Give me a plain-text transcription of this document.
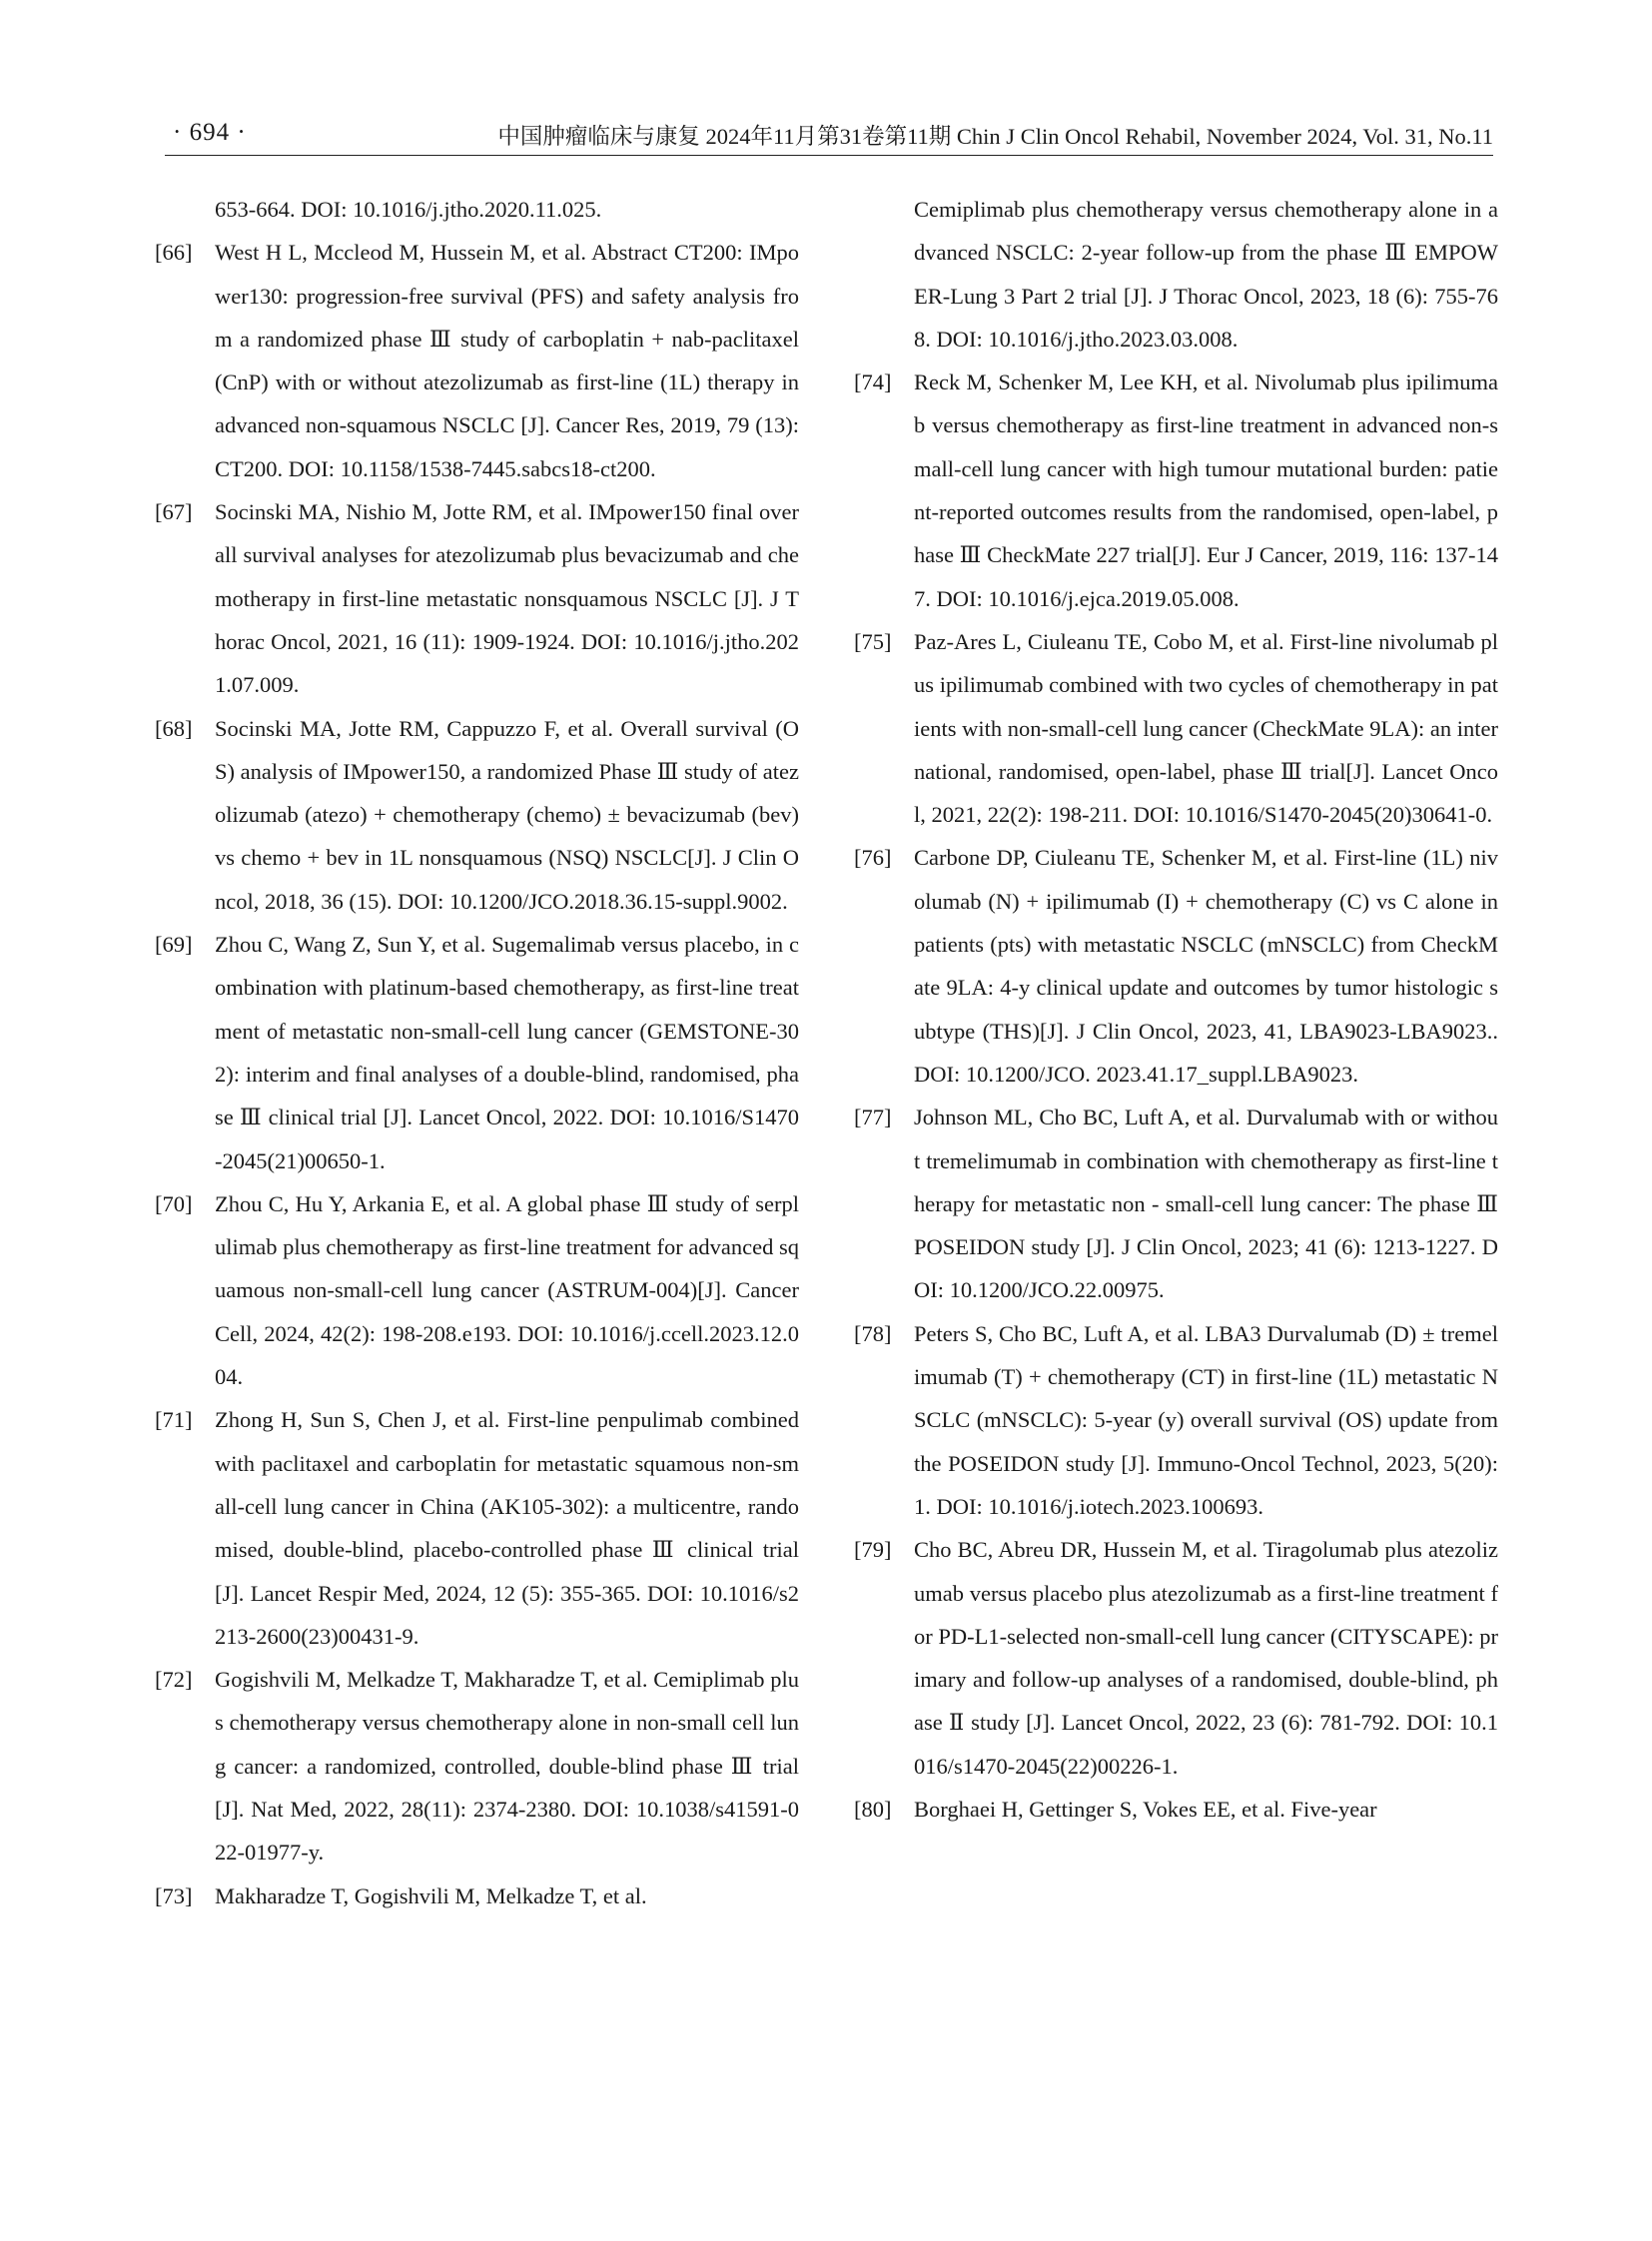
· 694 ·	中国肿瘤临床与康复 2024年11月第31卷第11期 Chin J Clin Oncol Rehabil, November 2024, Vol. 31, No.11
653-664. DOI: 10.1016/j.jtho.2020.11.025.
[66]	West H L, Mccleod M, Hussein M, et al. Abstract CT200: IMpower130: progression-free survival (PFS) and safety analysis from a randomized phase Ⅲ study of carboplatin + nab-paclitaxel (CnP) with or without atezolizumab as first-line (1L) therapy in advanced non-squamous NSCLC [J]. Cancer Res, 2019, 79 (13): CT200. DOI: 10.1158/1538-7445.sabcs18-ct200.
[67]	Socinski MA, Nishio M, Jotte RM, et al. IMpower150 final overall survival analyses for atezolizumab plus bevacizumab and chemotherapy in first-line metastatic nonsquamous NSCLC [J]. J Thorac Oncol, 2021, 16 (11): 1909-1924. DOI: 10.1016/j.jtho.2021.07.009.
[68]	Socinski MA, Jotte RM, Cappuzzo F, et al. Overall survival (OS) analysis of IMpower150, a randomized Phase Ⅲ study of atezolizumab (atezo) + chemotherapy (chemo) ± bevacizumab (bev) vs chemo + bev in 1L nonsquamous (NSQ) NSCLC[J]. J Clin Oncol, 2018, 36 (15). DOI: 10.1200/JCO.2018.36.15-suppl.9002.
[69]	Zhou C, Wang Z, Sun Y, et al. Sugemalimab versus placebo, in combination with platinum-based chemotherapy, as first-line treatment of metastatic non-small-cell lung cancer (GEMSTONE-302): interim and final analyses of a double-blind, randomised, phase Ⅲ clinical trial [J]. Lancet Oncol, 2022. DOI: 10.1016/S1470-2045(21)00650-1.
[70]	Zhou C, Hu Y, Arkania E, et al. A global phase Ⅲ study of serplulimab plus chemotherapy as first-line treatment for advanced squamous non-small-cell lung cancer (ASTRUM-004)[J]. Cancer Cell, 2024, 42(2): 198-208.e193. DOI: 10.1016/j.ccell.2023.12.004.
[71]	Zhong H, Sun S, Chen J, et al. First-line penpulimab combined with paclitaxel and carboplatin for metastatic squamous non-small-cell lung cancer in China (AK105-302): a multicentre, randomised, double-blind, placebo-controlled phase Ⅲ clinical trial [J]. Lancet Respir Med, 2024, 12 (5): 355-365. DOI: 10.1016/s2213-2600(23)00431-9.
[72]	Gogishvili M, Melkadze T, Makharadze T, et al. Cemiplimab plus chemotherapy versus chemotherapy alone in non-small cell lung cancer: a randomized, controlled, double-blind phase Ⅲ trial [J]. Nat Med, 2022, 28(11): 2374-2380. DOI: 10.1038/s41591-022-01977-y.
[73]	Makharadze T, Gogishvili M, Melkadze T, et al.
Cemiplimab plus chemotherapy versus chemotherapy alone in advanced NSCLC: 2-year follow-up from the phase Ⅲ EMPOWER-Lung 3 Part 2 trial [J]. J Thorac Oncol, 2023, 18 (6): 755-768. DOI: 10.1016/j.jtho.2023.03.008.
[74]	Reck M, Schenker M, Lee KH, et al. Nivolumab plus ipilimumab versus chemotherapy as first-line treatment in advanced non-small-cell lung cancer with high tumour mutational burden: patient-reported outcomes results from the randomised, open-label, phase Ⅲ CheckMate 227 trial[J]. Eur J Cancer, 2019, 116: 137-147. DOI: 10.1016/j.ejca.2019.05.008.
[75]	Paz-Ares L, Ciuleanu TE, Cobo M, et al. First-line nivolumab plus ipilimumab combined with two cycles of chemotherapy in patients with non-small-cell lung cancer (CheckMate 9LA): an international, randomised, open-label, phase Ⅲ trial[J]. Lancet Oncol, 2021, 22(2): 198-211. DOI: 10.1016/S1470-2045(20)30641-0.
[76]	Carbone DP, Ciuleanu TE, Schenker M, et al. First-line (1L) nivolumab (N) + ipilimumab (I) + chemotherapy (C) vs C alone in patients (pts) with metastatic NSCLC (mNSCLC) from CheckMate 9LA: 4-y clinical update and outcomes by tumor histologic subtype (THS)[J]. J Clin Oncol, 2023, 41, LBA9023-LBA9023.. DOI: 10.1200/JCO. 2023.41.17_suppl.LBA9023.
[77]	Johnson ML, Cho BC, Luft A, et al. Durvalumab with or without tremelimumab in combination with chemotherapy as first-line therapy for metastatic non - small-cell lung cancer: The phase Ⅲ POSEIDON study [J]. J Clin Oncol, 2023; 41 (6): 1213-1227. DOI: 10.1200/JCO.22.00975.
[78]	Peters S, Cho BC, Luft A, et al. LBA3 Durvalumab (D) ± tremelimumab (T) + chemotherapy (CT) in first-line (1L) metastatic NSCLC (mNSCLC): 5-year (y) overall survival (OS) update from the POSEIDON study [J]. Immuno-Oncol Technol, 2023, 5(20): 1. DOI: 10.1016/j.iotech.2023.100693.
[79]	Cho BC, Abreu DR, Hussein M, et al. Tiragolumab plus atezolizumab versus placebo plus atezolizumab as a first-line treatment for PD-L1-selected non-small-cell lung cancer (CITYSCAPE): primary and follow-up analyses of a randomised, double-blind, phase Ⅱ study [J]. Lancet Oncol, 2022, 23 (6): 781-792. DOI: 10.1016/s1470-2045(22)00226-1.
[80]	Borghaei H, Gettinger S, Vokes EE, et al. Five-year
